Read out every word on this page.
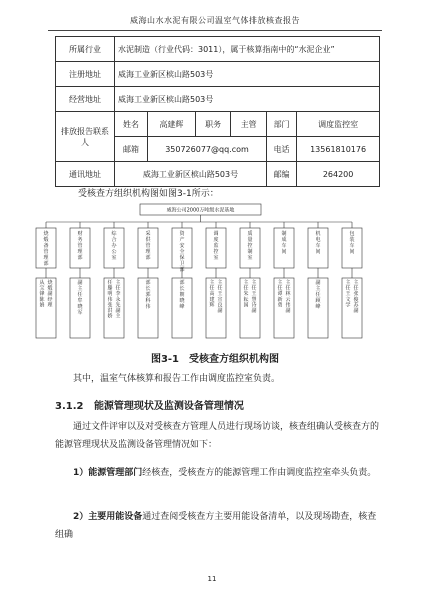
威海山水水泥有限公司温室气体排放核查报告
所属行业	水泥制造（行业代码：3011），属于核算指南中的“水泥企业”					
注册地址	威海工业新区槟山路503号					
经营地址	威海工业新区槟山路503号					
排放报告联系人	姓名	高建辉	职务	主管	部门	调度监控室
	邮箱	350726077@qq.com			电话	13561810176
通讯地址	威海工业新区槟山路503号				邮编	264200
受核查方组织机构图如图3-1所示：
威海公司2000万吨级水泥基地
烧煅备管理部
烧煅副经理
从宝锋陈娟
财务管理部
副主任牟晓军
综合办公室
主任李永先副主
任滕明伟张洪娇
采供管理部
部长郭科伟
资产安全保卫部
部长朝晓峰
调度监控室
主任王宣良副
主任高建辉
质量控制室
主任王慧诗副
主任朱耘国
制成车间
主任林云伟副
主任谭新勇
机电车间
副主任顾峰
包装车间
主任张俊苏副
主任王文学
图3-1　受核查方组织机构图
其中，温室气体核算和报告工作由调度监控室负责。
3.1.2 能源管理现状及监测设备管理情况
通过文件评审以及对受核查方管理人员进行现场访谈，核查组确认受核查方的能源管理现状及监测设备管理情况如下：
1）能源管理部门经核查，受核查方的能源管理工作由调度监控室牵头负责。
2）主要用能设备通过查阅受核查方主要用能设备清单，以及现场勘查，核查组确
11
